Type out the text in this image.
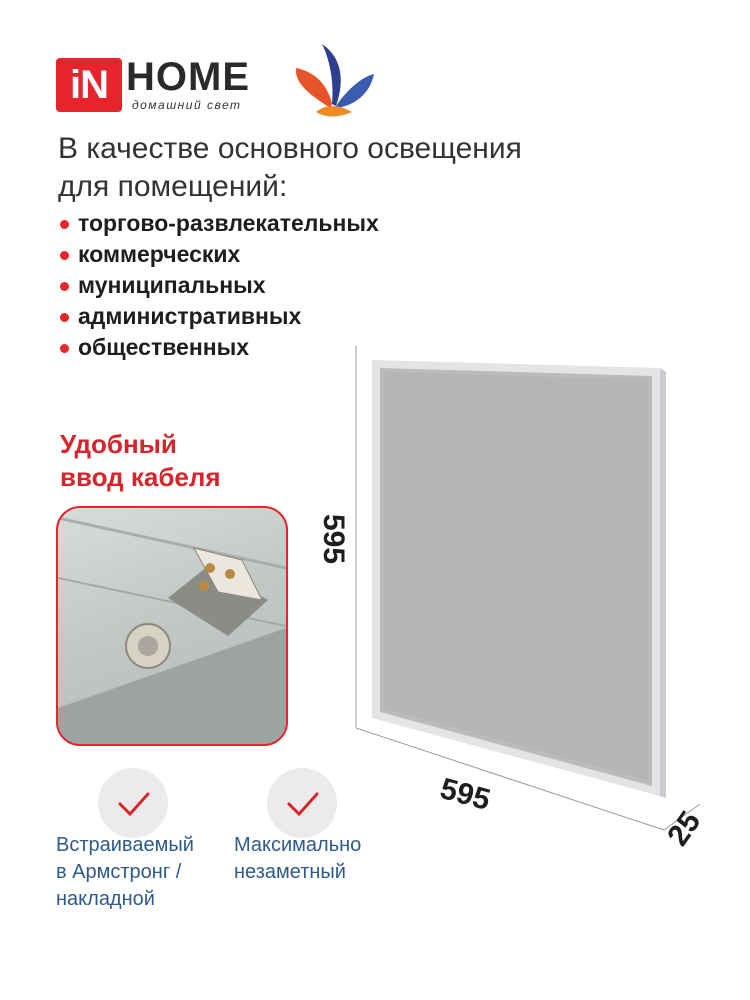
iN HOME
домашний свет
В качестве основного освещения для помещений:
торгово-развлекательных
коммерческих
муниципальных
административных
общественных
Удобный
ввод кабеля
595
595
25
Встраиваемый
в Армстронг /
накладной
Максимально
незаметный
